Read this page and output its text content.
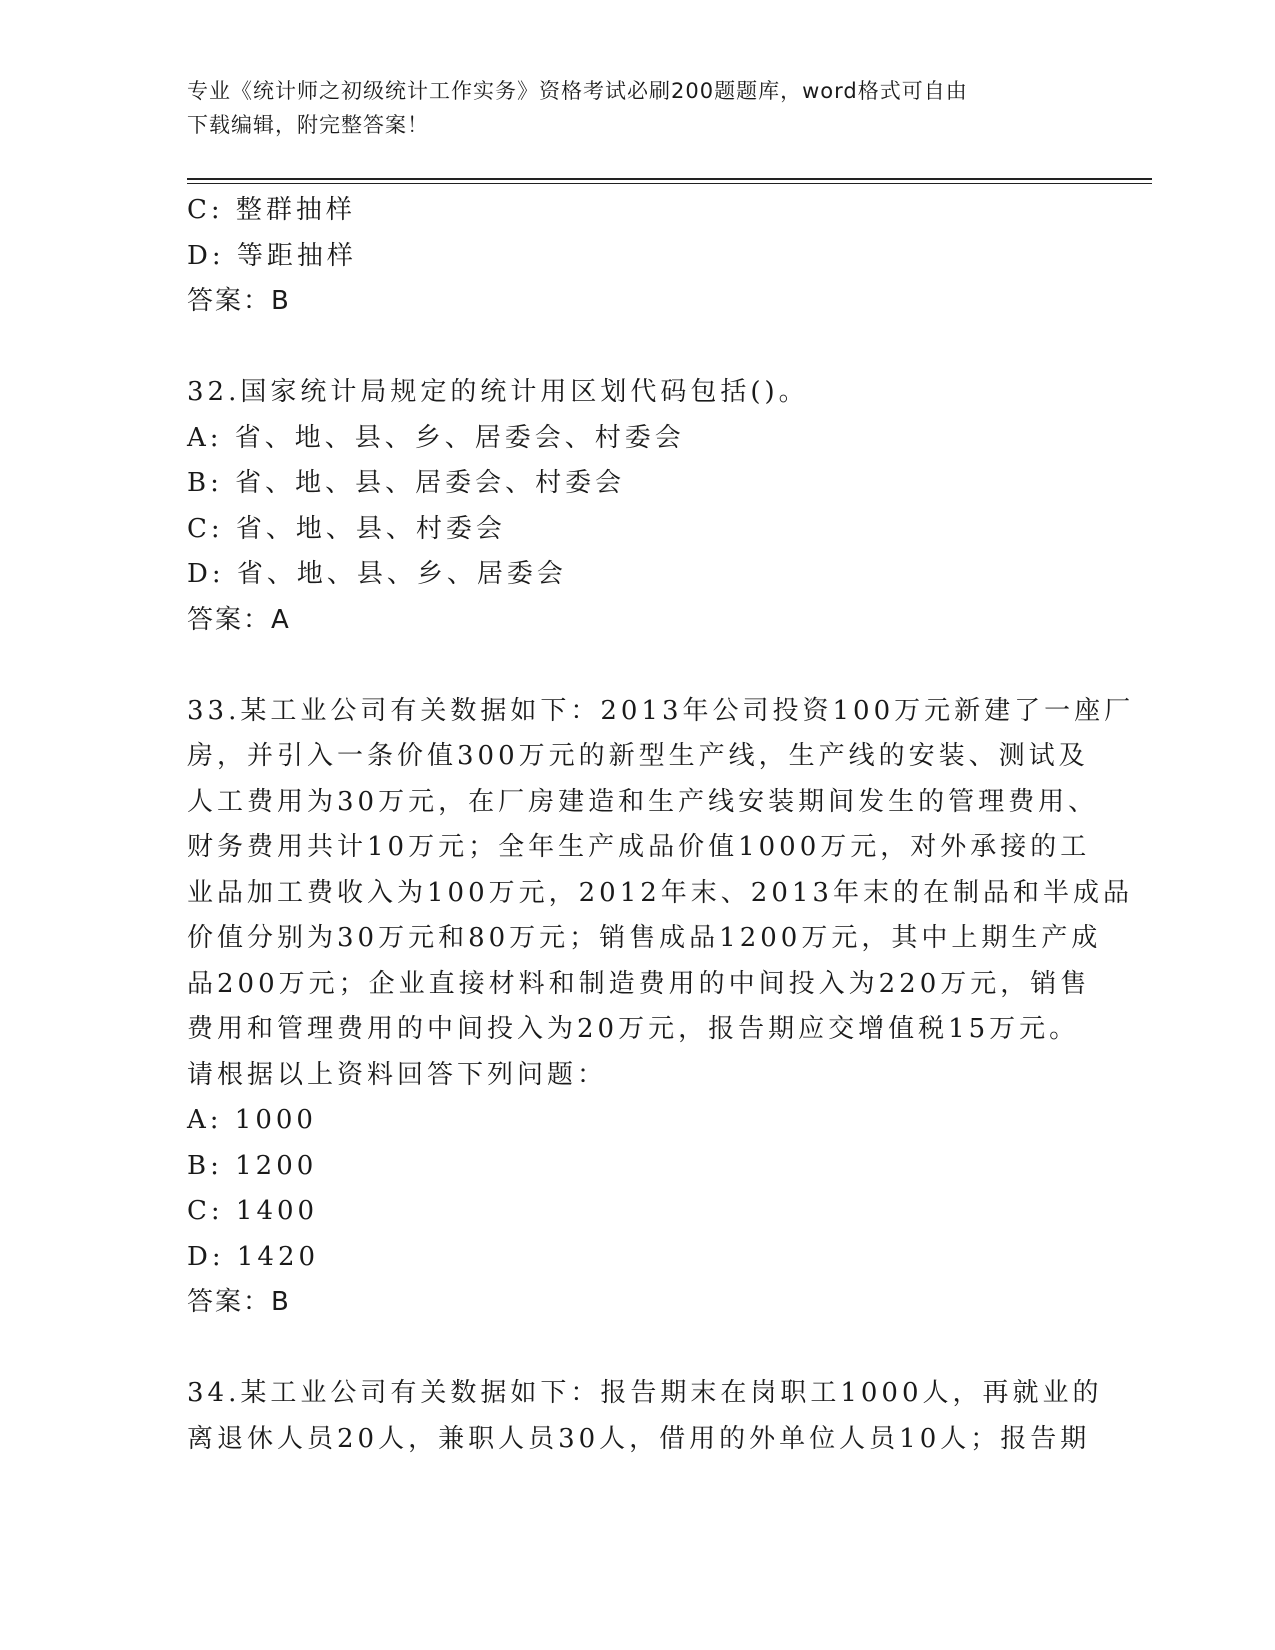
专业《统计师之初级统计工作实务》资格考试必刷200题题库，word格式可自由
下载编辑，附完整答案！
C: 整群抽样
D: 等距抽样
答案：B
32.国家统计局规定的统计用区划代码包括()。
A: 省、地、县、乡、居委会、村委会
B: 省、地、县、居委会、村委会
C: 省、地、县、村委会
D: 省、地、县、乡、居委会
答案：A
33.某工业公司有关数据如下：2013年公司投资100万元新建了一座厂
房，并引入一条价值300万元的新型生产线，生产线的安装、测试及
人工费用为30万元，在厂房建造和生产线安装期间发生的管理费用、
财务费用共计10万元；全年生产成品价值1000万元，对外承接的工
业品加工费收入为100万元，2012年末、2013年末的在制品和半成品
价值分别为30万元和80万元；销售成品1200万元，其中上期生产成
品200万元；企业直接材料和制造费用的中间投入为220万元，销售
费用和管理费用的中间投入为20万元，报告期应交增值税15万元。
请根据以上资料回答下列问题：
A: 1000
B: 1200
C: 1400
D: 1420
答案：B
34.某工业公司有关数据如下：报告期末在岗职工1000人，再就业的
离退休人员20人，兼职人员30人，借用的外单位人员10人；报告期
